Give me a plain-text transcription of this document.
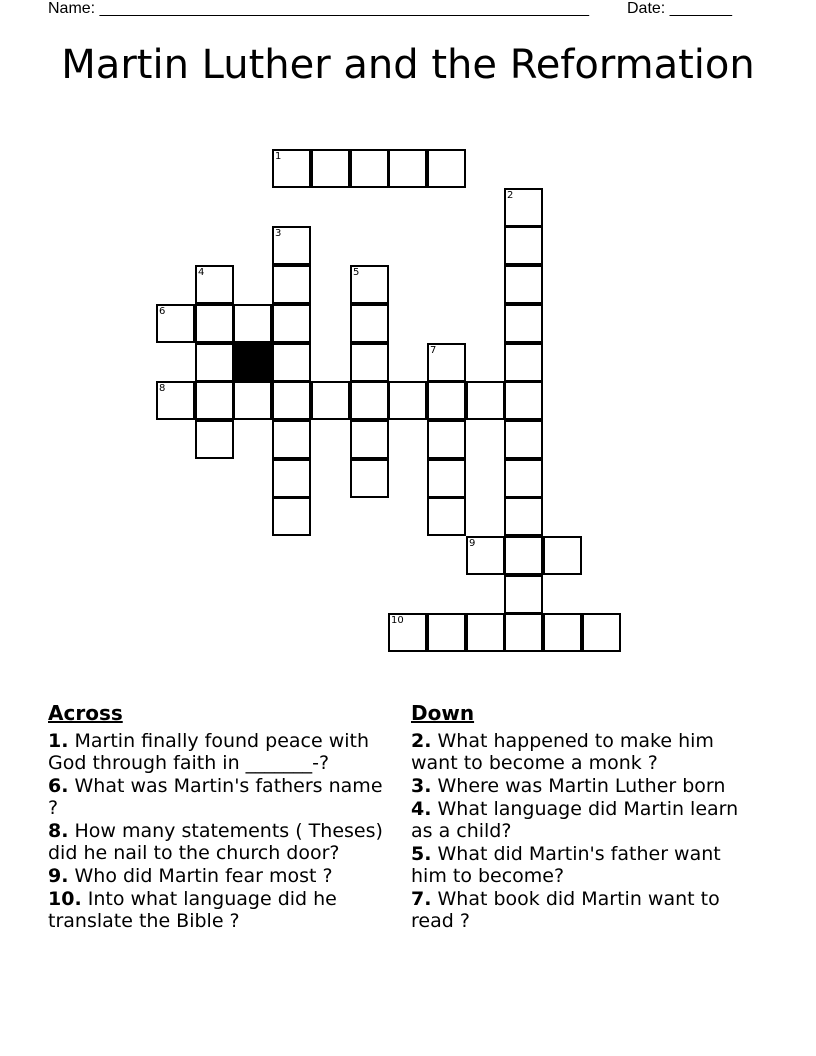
Name: _______________________________________________________ Date: _______
Martin Luther and the Reformation
1
6
8
9
10
2
3
4	5
7
Across
1. Martin finally found peace with God through faith in _______-?
6. What was Martin's fathers name ?
8. How many statements ( Theses) did he nail to the church door?
9. Who did Martin fear most ?
10. Into what language did he translate the Bible ?
Down
2. What happened to make him want to become a monk ?
3. Where was Martin Luther born
4. What language did Martin learn as a child?
5. What did Martin's father want him to become?
7. What book did Martin want to read ?
